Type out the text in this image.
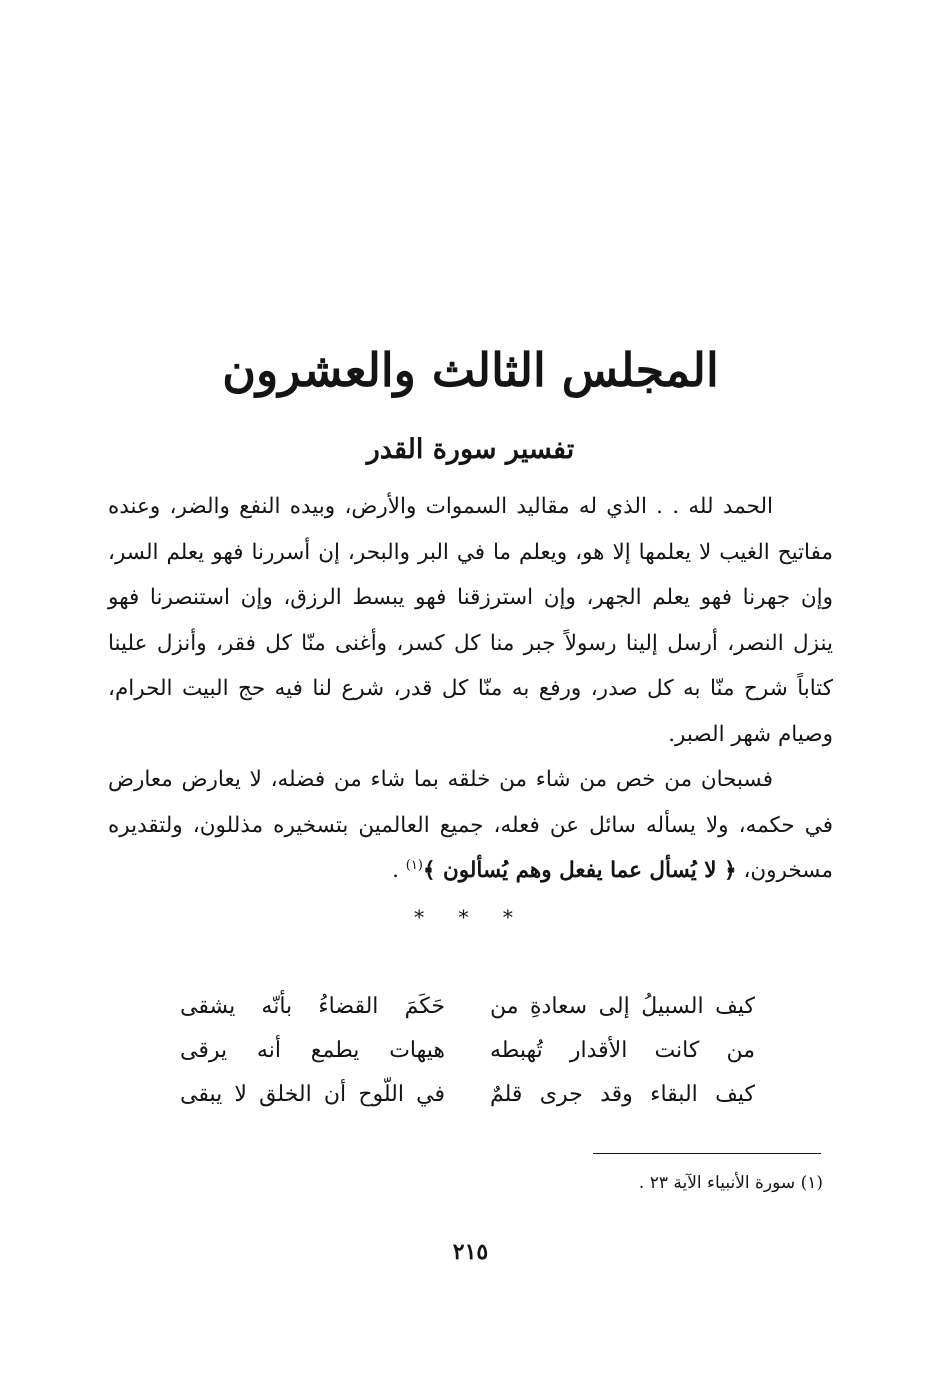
المجلس الثالث والعشرون
تفسير سورة القدر

الحمد لله . . الذي له مقاليد السموات والأرض، وبيده النفع والضر، وعنده مفاتيح الغيب لا يعلمها إلا هو، ويعلم ما في البر والبحر، إن أسررنا فهو يعلم السر، وإن جهرنا فهو يعلم الجهر، وإن استرزقنا فهو يبسط الرزق، وإن استنصرنا فهو ينزل النصر، أرسل إلينا رسولاً جبر منا كل كسر، وأغنى منّا كل فقر، وأنزل علينا كتاباً شرح منّا به كل صدر، ورفع به منّا كل قدر، شرع لنا فيه حج البيت الحرام، وصيام شهر الصبر.

فسبحان من خص من شاء من خلقه بما شاء من فضله، لا يعارض معارض في حكمه، ولا يسأله سائل عن فعله، جميع العالمين بتسخيره مذللون، ولتقديره مسخرون، ﴿ لا يُسأل عما يفعل وهم يُسألون ﴾$^{(١)}$ .

* * *
كيف السبيلُ إلى سعادةِ من
حَكَمَ القضاءُ بأنّه يشقى
من كانت الأقدار تُهبطه
هيهات يطمع أنه يرقى
كيف البقاء وقد جرى قلمٌ
في اللّوح أن الخلق لا يبقى
(١) سورة الأنبياء الآية ٢٣ .
٢١٥
